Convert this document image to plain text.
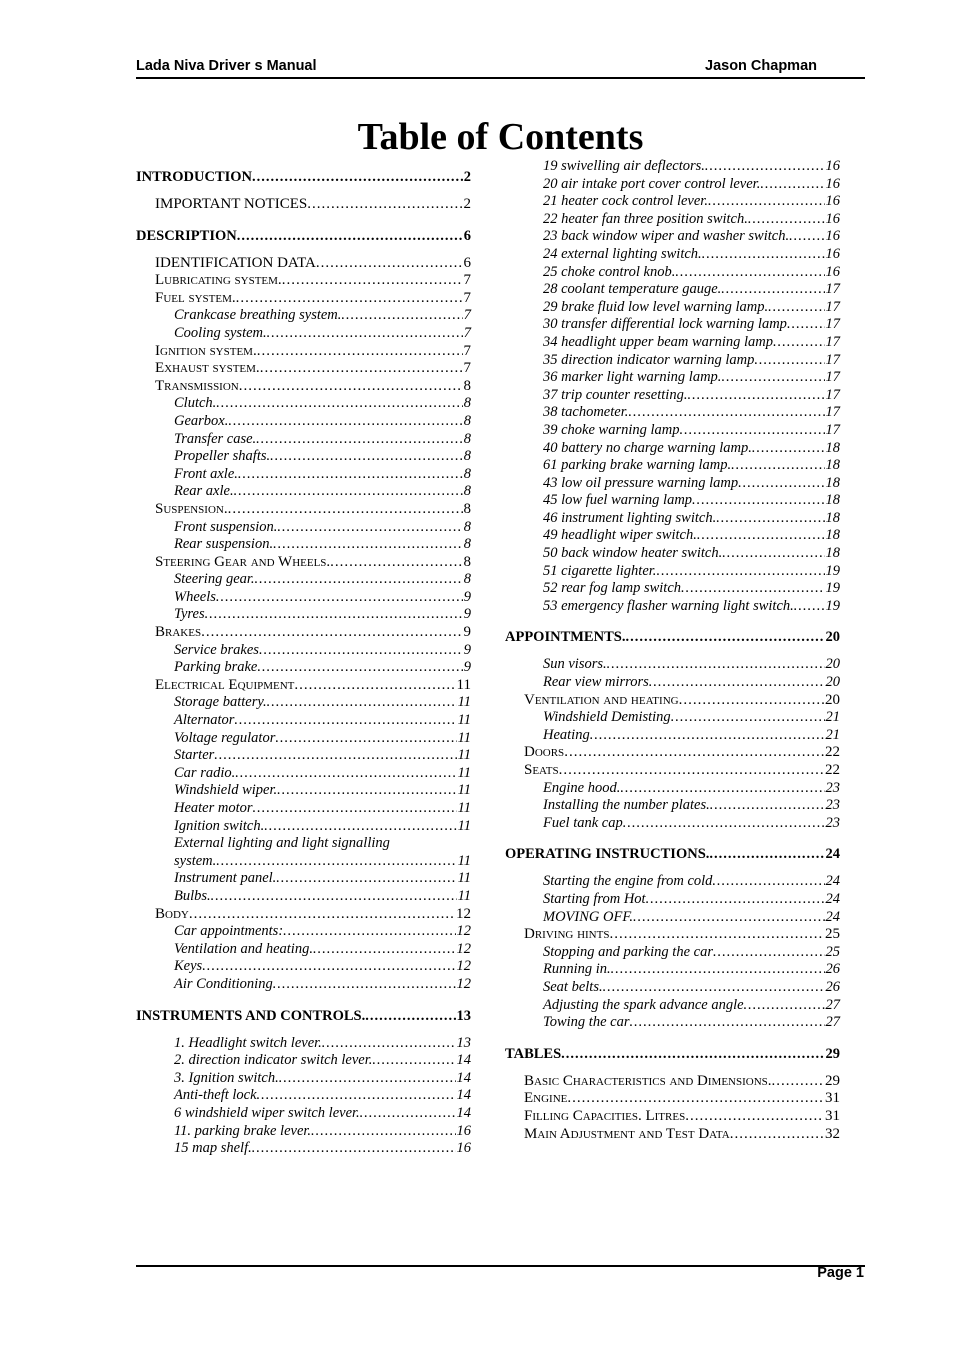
Lada Niva Driver s Manual	Jason Chapman
Table of Contents
INTRODUCTION .....	2
IMPORTANT NOTICES .....	2
DESCRIPTION .....	6
IDENTIFICATION DATA .....	6
Lubricating system. .....	7
Fuel system. .....	7
Crankcase breathing system. .....	7
Cooling system. .....	7
Ignition system. .....	7
Exhaust system. .....	7
Transmission .....	8
Clutch. .....	8
Gearbox. .....	8
Transfer case. .....	8
Propeller shafts. .....	8
Front axle. .....	8
Rear axle. .....	8
Suspension. .....	8
Front suspension. .....	8
Rear suspension. .....	8
Steering Gear and Wheels. .....	8
Steering gear. .....	8
Wheels .....	9
Tyres .....	9
Brakes .....	9
Service brakes .....	9
Parking brake .....	9
Electrical Equipment .....	11
Storage battery. .....	11
Alternator .....	11
Voltage regulator .....	11
Starter .....	11
Car radio. .....	11
Windshield wiper. .....	11
Heater motor .....	11
Ignition switch. .....	11
External lighting and light signalling
system. .....	11
Instrument panel. .....	11
Bulbs. .....	11
Body .....	12
Car appointments: .....	12
Ventilation and heating. .....	12
Keys .....	12
Air Conditioning .....	12
INSTRUMENTS AND CONTROLS. .....	13
1. Headlight switch lever. .....	13
2. direction indicator switch lever. .....	14
3. Ignition switch. .....	14
Anti-theft lock .....	14
6 windshield wiper switch lever. .....	14
11. parking brake lever. .....	16
15 map shelf. .....	16
19 swivelling air deflectors. .....	16
20 air intake port cover control lever. .....	16
21 heater cock control lever. .....	16
22 heater fan three position switch. .....	16
23 back window wiper and washer switch. .....	16
24 external lighting switch. .....	16
25 choke control knob. .....	16
28 coolant temperature gauge. .....	17
29 brake fluid low level warning lamp. .....	17
30 transfer differential lock warning lamp .....	17
34 headlight upper beam warning lamp .....	17
35 direction indicator warning lamp .....	17
36 marker light warning lamp. .....	17
37 trip counter resetting. .....	17
38 tachometer. .....	17
39 choke warning lamp .....	17
40 battery no charge warning lamp. .....	18
61 parking brake warning lamp. .....	18
43 low oil pressure warning lamp .....	18
45 low fuel warning lamp .....	18
46 instrument lighting switch. .....	18
49 headlight wiper switch. .....	18
50 back window heater switch. .....	18
51 cigarette lighter. .....	19
52 rear fog lamp switch .....	19
53 emergency flasher warning light switch. ..... 19
APPOINTMENTS. .....	20
Sun visors. .....	20
Rear view mirrors .....	20
Ventilation and heating .....	20
Windshield Demisting .....	21
Heating .....	21
Doors .....	22
Seats .....	22
Engine hood. .....	23
Installing the number plates. .....	23
Fuel tank cap .....	23
OPERATING INSTRUCTIONS. .....	24
Starting the engine from cold .....	24
Starting from Hot .....	24
MOVING OFF. .....	24
Driving hints .....	25
Stopping and parking the car .....	25
Running in. .....	26
Seat belts. .....	26
Adjusting the spark advance angle .....	27
Towing the car .....	27
TABLES .....	29
Basic Characteristics and Dimensions. .....	29
Engine .....	31
Filling Capacities. Litres .....	31
Main Adjustment and Test Data .....	32
Page 1
